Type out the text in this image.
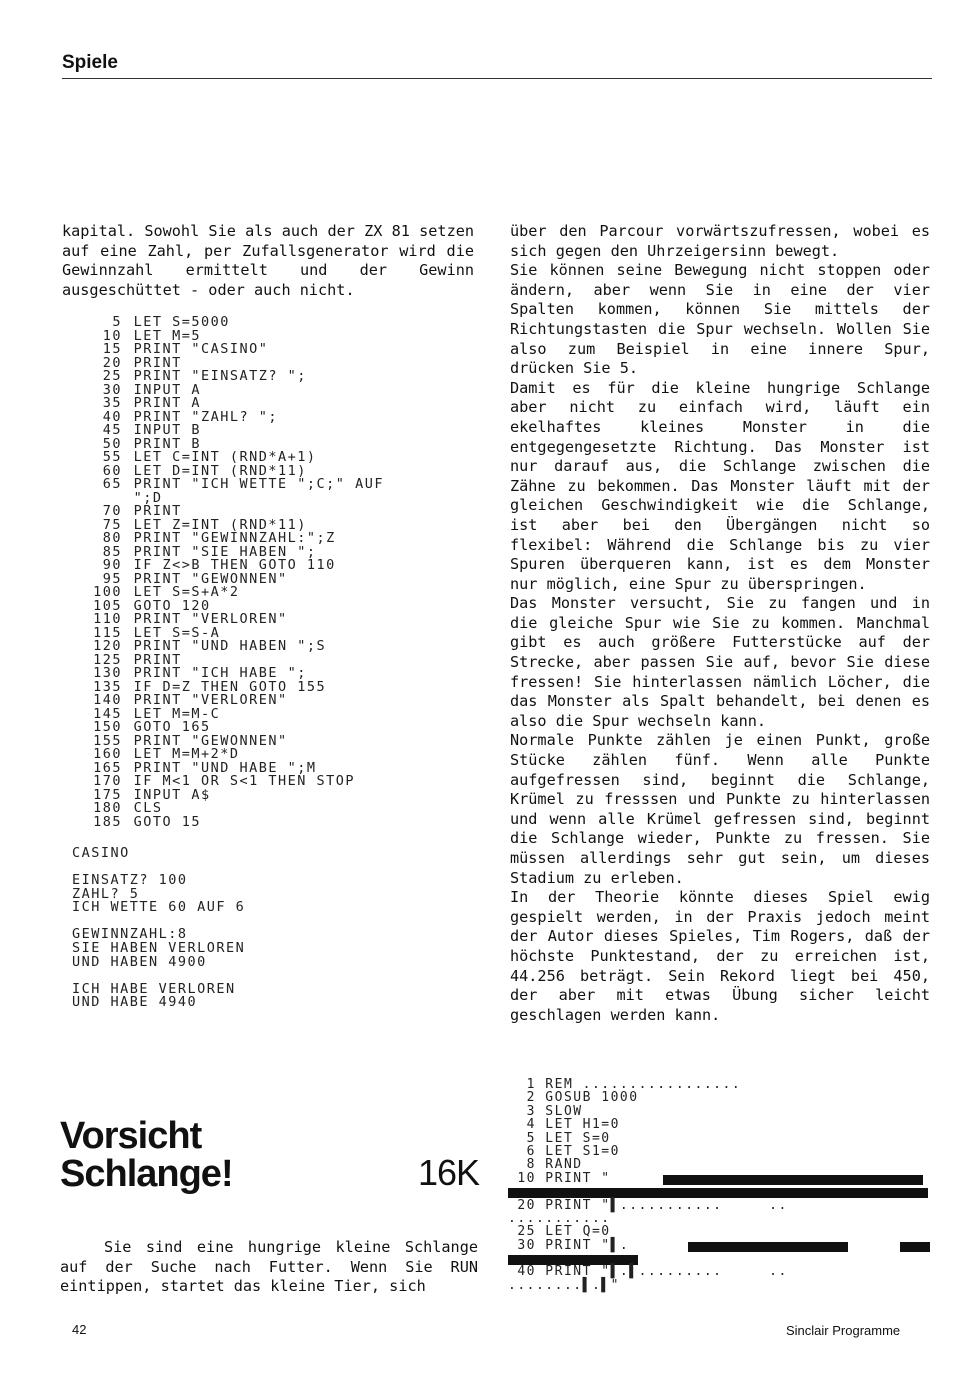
Spiele
kapital. Sowohl Sie als auch der ZX 81 setzen auf eine Zahl, per Zufallsgenerator wird die Gewinnzahl ermittelt und der Gewinn ausgeschüttet - oder auch nicht.
5 LET S=5000
10 LET M=5
15 PRINT "CASINO"
20 PRINT
25 PRINT "EINSATZ? ";
30 INPUT A
35 PRINT A
40 PRINT "ZAHL? ";
45 INPUT B
50 PRINT B
55 LET C=INT (RND*A+1)
60 LET D=INT (RND*11)
65 PRINT "ICH WETTE ";C;" AUF
";D
70 PRINT
75 LET Z=INT (RND*11)
80 PRINT "GEWINNZAHL:";Z
85 PRINT "SIE HABEN ";
90 IF Z<>B THEN GOTO 110
95 PRINT "GEWONNEN"
100 LET S=S+A*2
105 GOTO 120
110 PRINT "VERLOREN"
115 LET S=S-A
120 PRINT "UND HABEN ";S
125 PRINT
130 PRINT "ICH HABE ";
135 IF D=Z THEN GOTO 155
140 PRINT "VERLOREN"
145 LET M=M-C
150 GOTO 165
155 PRINT "GEWONNEN"
160 LET M=M+2*D
165 PRINT "UND HABE ";M
170 IF M<1 OR S<1 THEN STOP
175 INPUT A$
180 CLS
185 GOTO 15
CASINO
EINSATZ? 100
ZAHL? 5
ICH WETTE 60 AUF 6
GEWINNZAHL:8
SIE HABEN VERLOREN
UND HABEN 4900
ICH HABE VERLOREN
UND HABE 4940
Vorsicht
Schlange!	16K
Sie sind eine hungrige kleine Schlange auf der Suche nach Futter. Wenn Sie RUN eintippen, startet das kleine Tier, sich
über den Parcour vorwärtszufressen, wobei es sich gegen den Uhrzeigersinn bewegt.
Sie können seine Bewegung nicht stoppen oder ändern, aber wenn Sie in eine der vier Spalten kommen, können Sie mittels der Richtungstasten die Spur wechseln. Wollen Sie also zum Beispiel in eine innere Spur, drücken Sie 5.
Damit es für die kleine hungrige Schlange aber nicht zu einfach wird, läuft ein ekelhaftes kleines Monster in die entgegengesetzte Richtung. Das Monster ist nur darauf aus, die Schlange zwischen die Zähne zu bekommen. Das Monster läuft mit der gleichen Geschwindigkeit wie die Schlange, ist aber bei den Übergängen nicht so flexibel: Während die Schlange bis zu vier Spuren überqueren kann, ist es dem Monster nur möglich, eine Spur zu überspringen.
Das Monster versucht, Sie zu fangen und in die gleiche Spur wie Sie zu kommen. Manchmal gibt es auch größere Futterstücke auf der Strecke, aber passen Sie auf, bevor Sie diese fressen! Sie hinterlassen nämlich Löcher, die das Monster als Spalt behandelt, bei denen es also die Spur wechseln kann.
Normale Punkte zählen je einen Punkt, große Stücke zählen fünf. Wenn alle Punkte aufgefressen sind, beginnt die Schlange, Krümel zu fresssen und Punkte zu hinterlassen und wenn alle Krümel gefressen sind, beginnt die Schlange wieder, Punkte zu fressen. Sie müssen allerdings sehr gut sein, um dieses Stadium zu erleben.
In der Theorie könnte dieses Spiel ewig gespielt werden, in der Praxis jedoch meint der Autor dieses Spieles, Tim Rogers, daß der höchste Punktestand, der zu erreichen ist, 44.256 beträgt. Sein Rekord liegt bei 450, der aber mit etwas Übung sicher leicht geschlagen werden kann.
1 REM .................
2 GOSUB 1000
3 SLOW
4 LET H1=0
5 LET S=0
6 LET S1=0
8 RAND
10 PRINT "
20 PRINT "▌...........     ..
...........
25 LET Q=0
30 PRINT "▌.
40 PRINT "▌.▌.........     ..
........▌.▌"
42	Sinclair Programme
